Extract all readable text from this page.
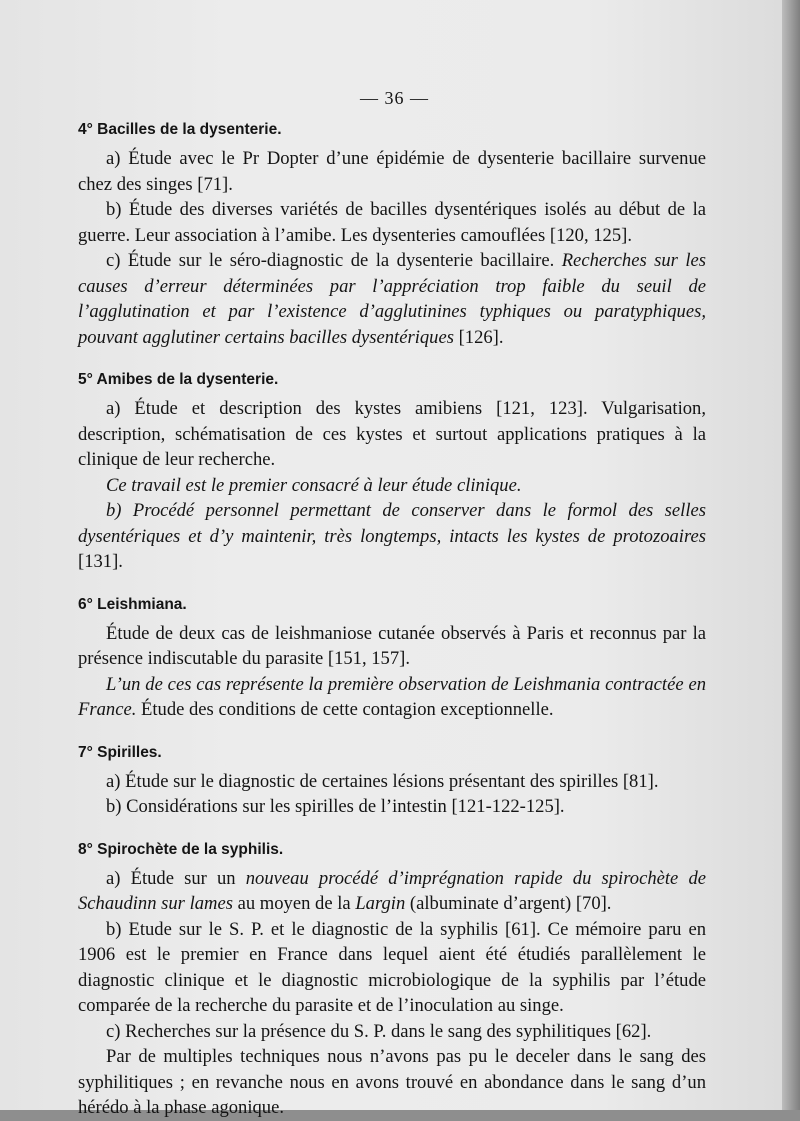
— 36 —
4° Bacilles de la dysenterie.

a) Étude avec le Pr Dopter d’une épidémie de dysenterie bacillaire survenue chez des singes [71].

b) Étude des diverses variétés de bacilles dysentériques isolés au début de la guerre. Leur association à l’amibe. Les dysenteries camouflées [120, 125].

c) Étude sur le séro-diagnostic de la dysenterie bacillaire. Recherches sur les causes d’erreur déterminées par l’appréciation trop faible du seuil de l’agglutination et par l’existence d’agglutinines typhiques ou paratyphiques, pouvant agglutiner certains bacilles dysentériques [126].

5° Amibes de la dysenterie.

a) Étude et description des kystes amibiens [121, 123]. Vulgarisation, description, schématisation de ces kystes et surtout applications pratiques à la clinique de leur recherche.

Ce travail est le premier consacré à leur étude clinique.

b) Procédé personnel permettant de conserver dans le formol des selles dysentériques et d’y maintenir, très longtemps, intacts les kystes de protozoaires [131].

6° Leishmiana.

Étude de deux cas de leishmaniose cutanée observés à Paris et reconnus par la présence indiscutable du parasite [151, 157].

L’un de ces cas représente la première observation de Leishmania contractée en France. Étude des conditions de cette contagion exceptionnelle.

7° Spirilles.

a) Étude sur le diagnostic de certaines lésions présentant des spirilles [81].

b) Considérations sur les spirilles de l’intestin [121-122-125].

8° Spirochète de la syphilis.

a) Étude sur un nouveau procédé d’imprégnation rapide du spirochète de Schaudinn sur lames au moyen de la Largin (albuminate d’argent) [70].

b) Etude sur le S. P. et le diagnostic de la syphilis [61]. Ce mémoire paru en 1906 est le premier en France dans lequel aient été étudiés parallèlement le diagnostic clinique et le diagnostic microbiologique de la syphilis par l’étude comparée de la recherche du parasite et de l’inoculation au singe.

c) Recherches sur la présence du S. P. dans le sang des syphilitiques [62].

Par de multiples techniques nous n’avons pas pu le deceler dans le sang des syphilitiques ; en revanche nous en avons trouvé en abondance dans le sang d’un hérédo à la phase agonique.
